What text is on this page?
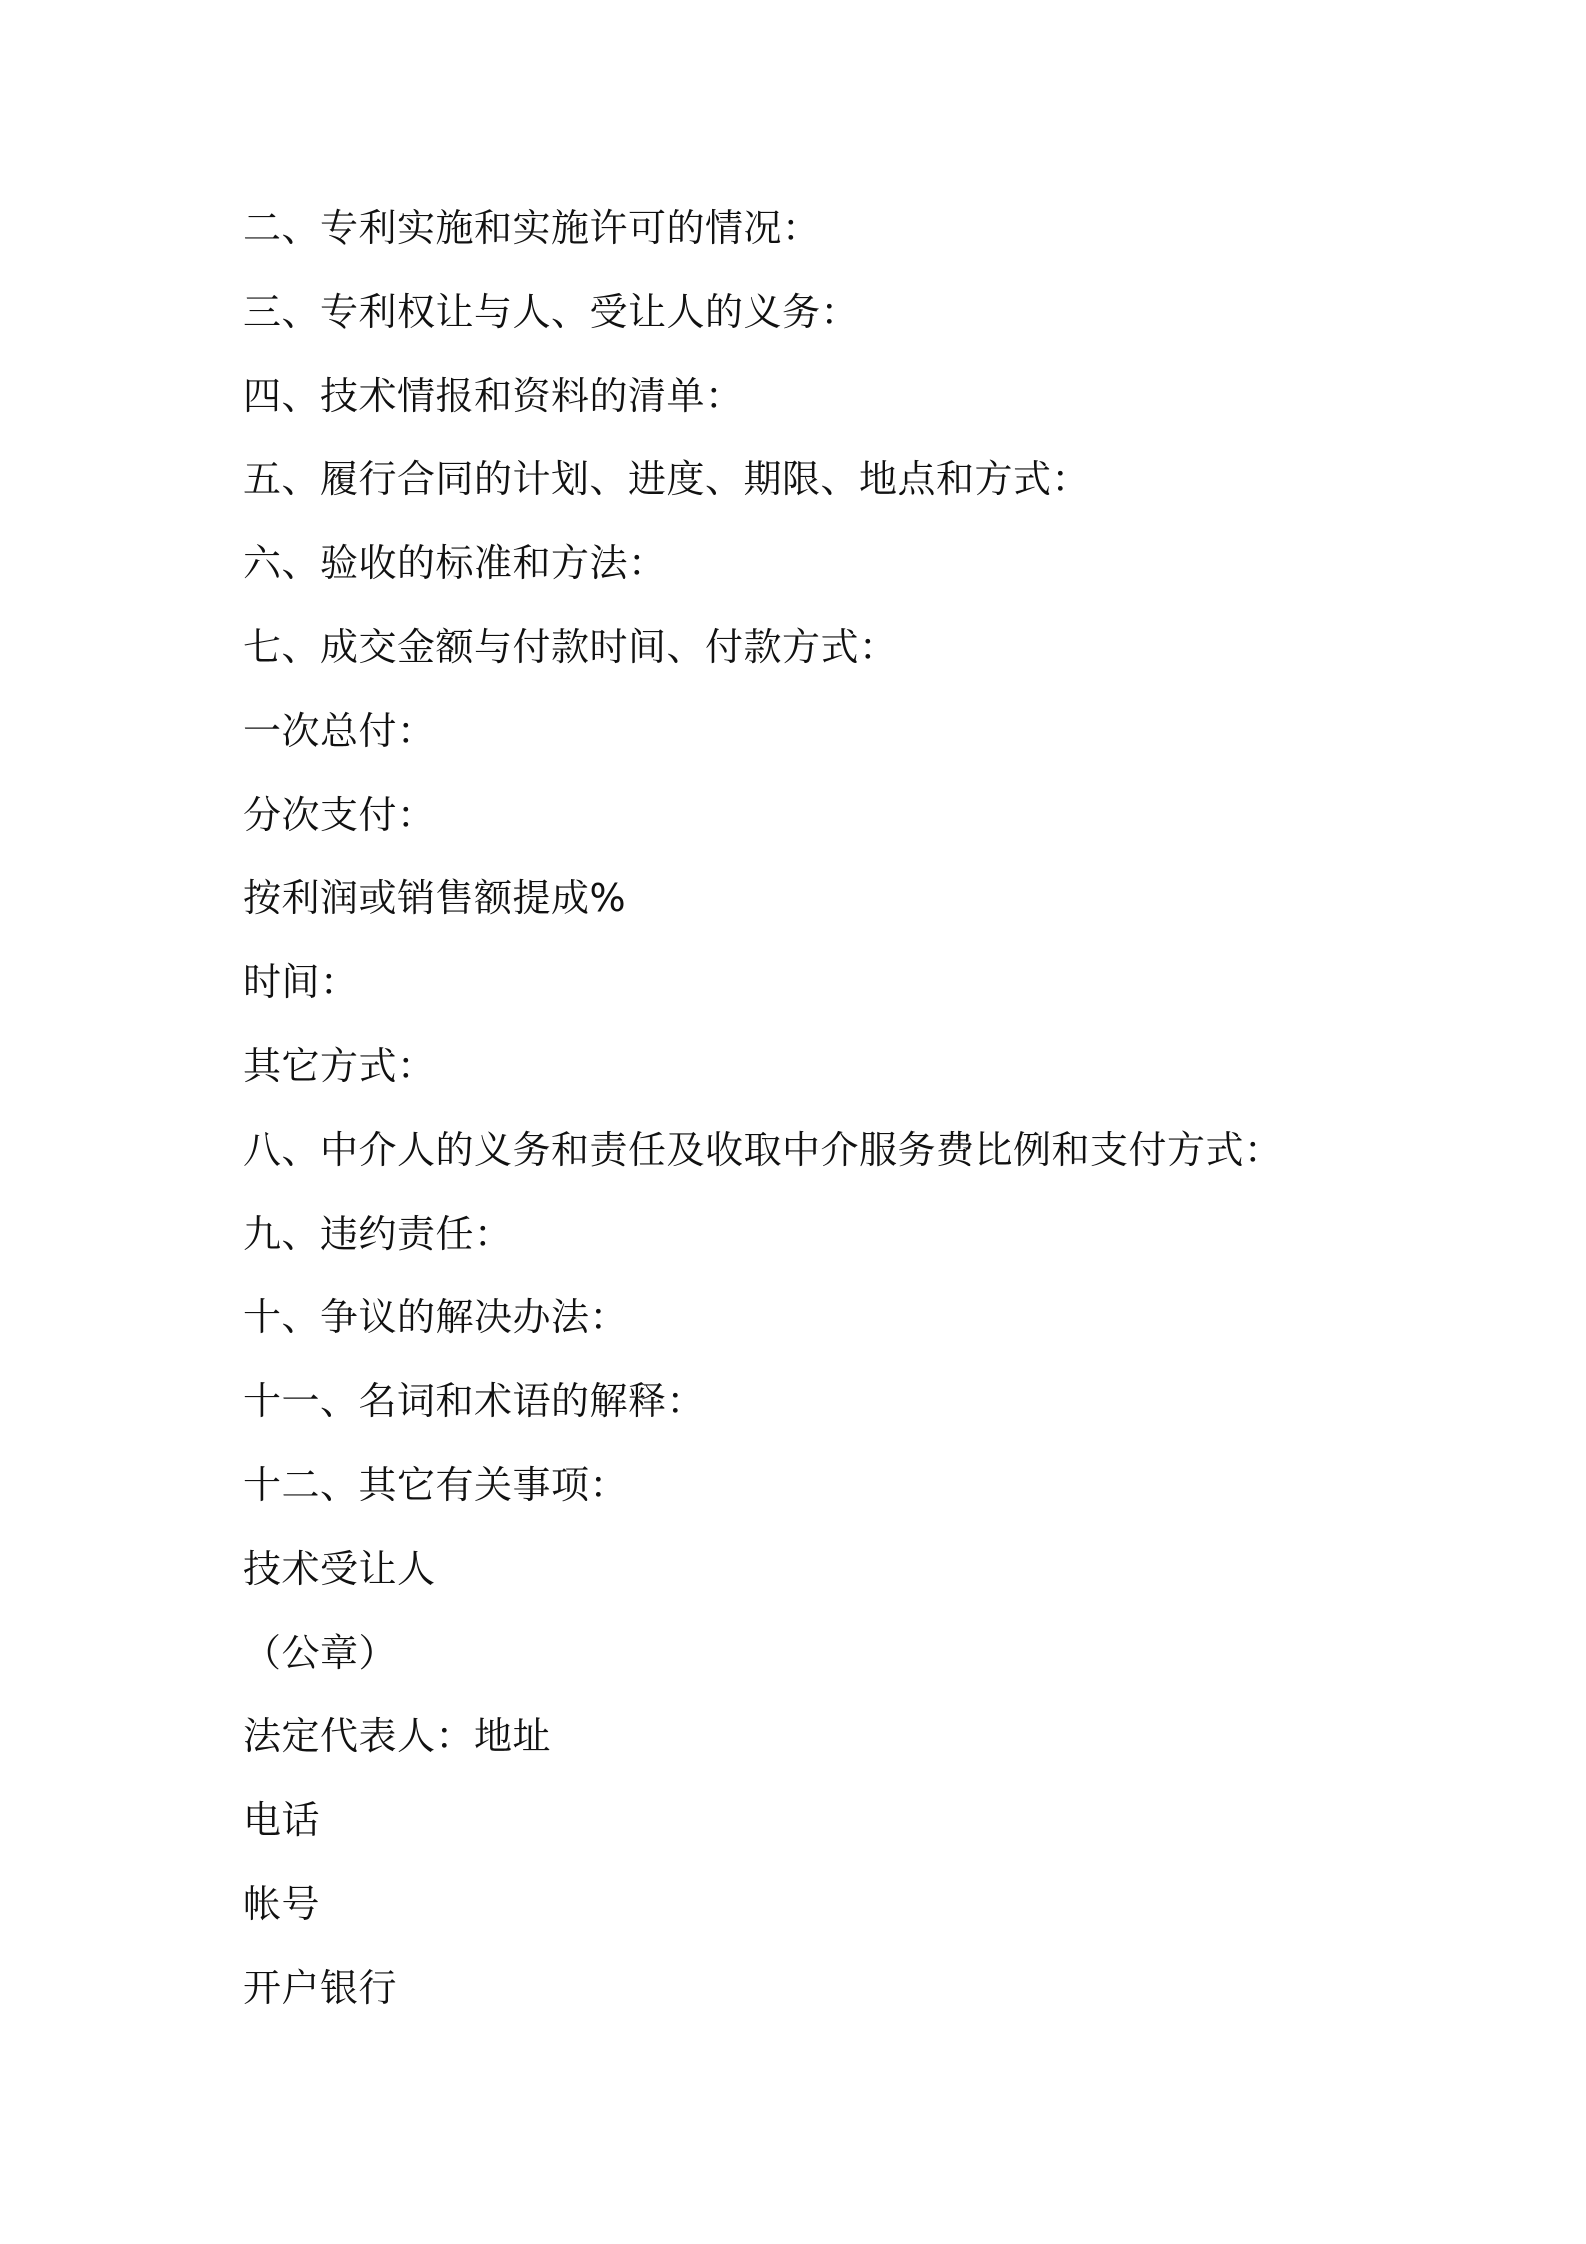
二、专利实施和实施许可的情况：
三、专利权让与人、受让人的义务：
四、技术情报和资料的清单：
五、履行合同的计划、进度、期限、地点和方式：
六、验收的标准和方法：
七、成交金额与付款时间、付款方式：
一次总付：
分次支付：
按利润或销售额提成%
时间：
其它方式：
八、中介人的义务和责任及收取中介服务费比例和支付方式：
九、违约责任：
十、争议的解决办法：
十一、名词和术语的解释：
十二、其它有关事项：
技术受让人
（公章）
法定代表人：地址
电话
帐号
开户银行
